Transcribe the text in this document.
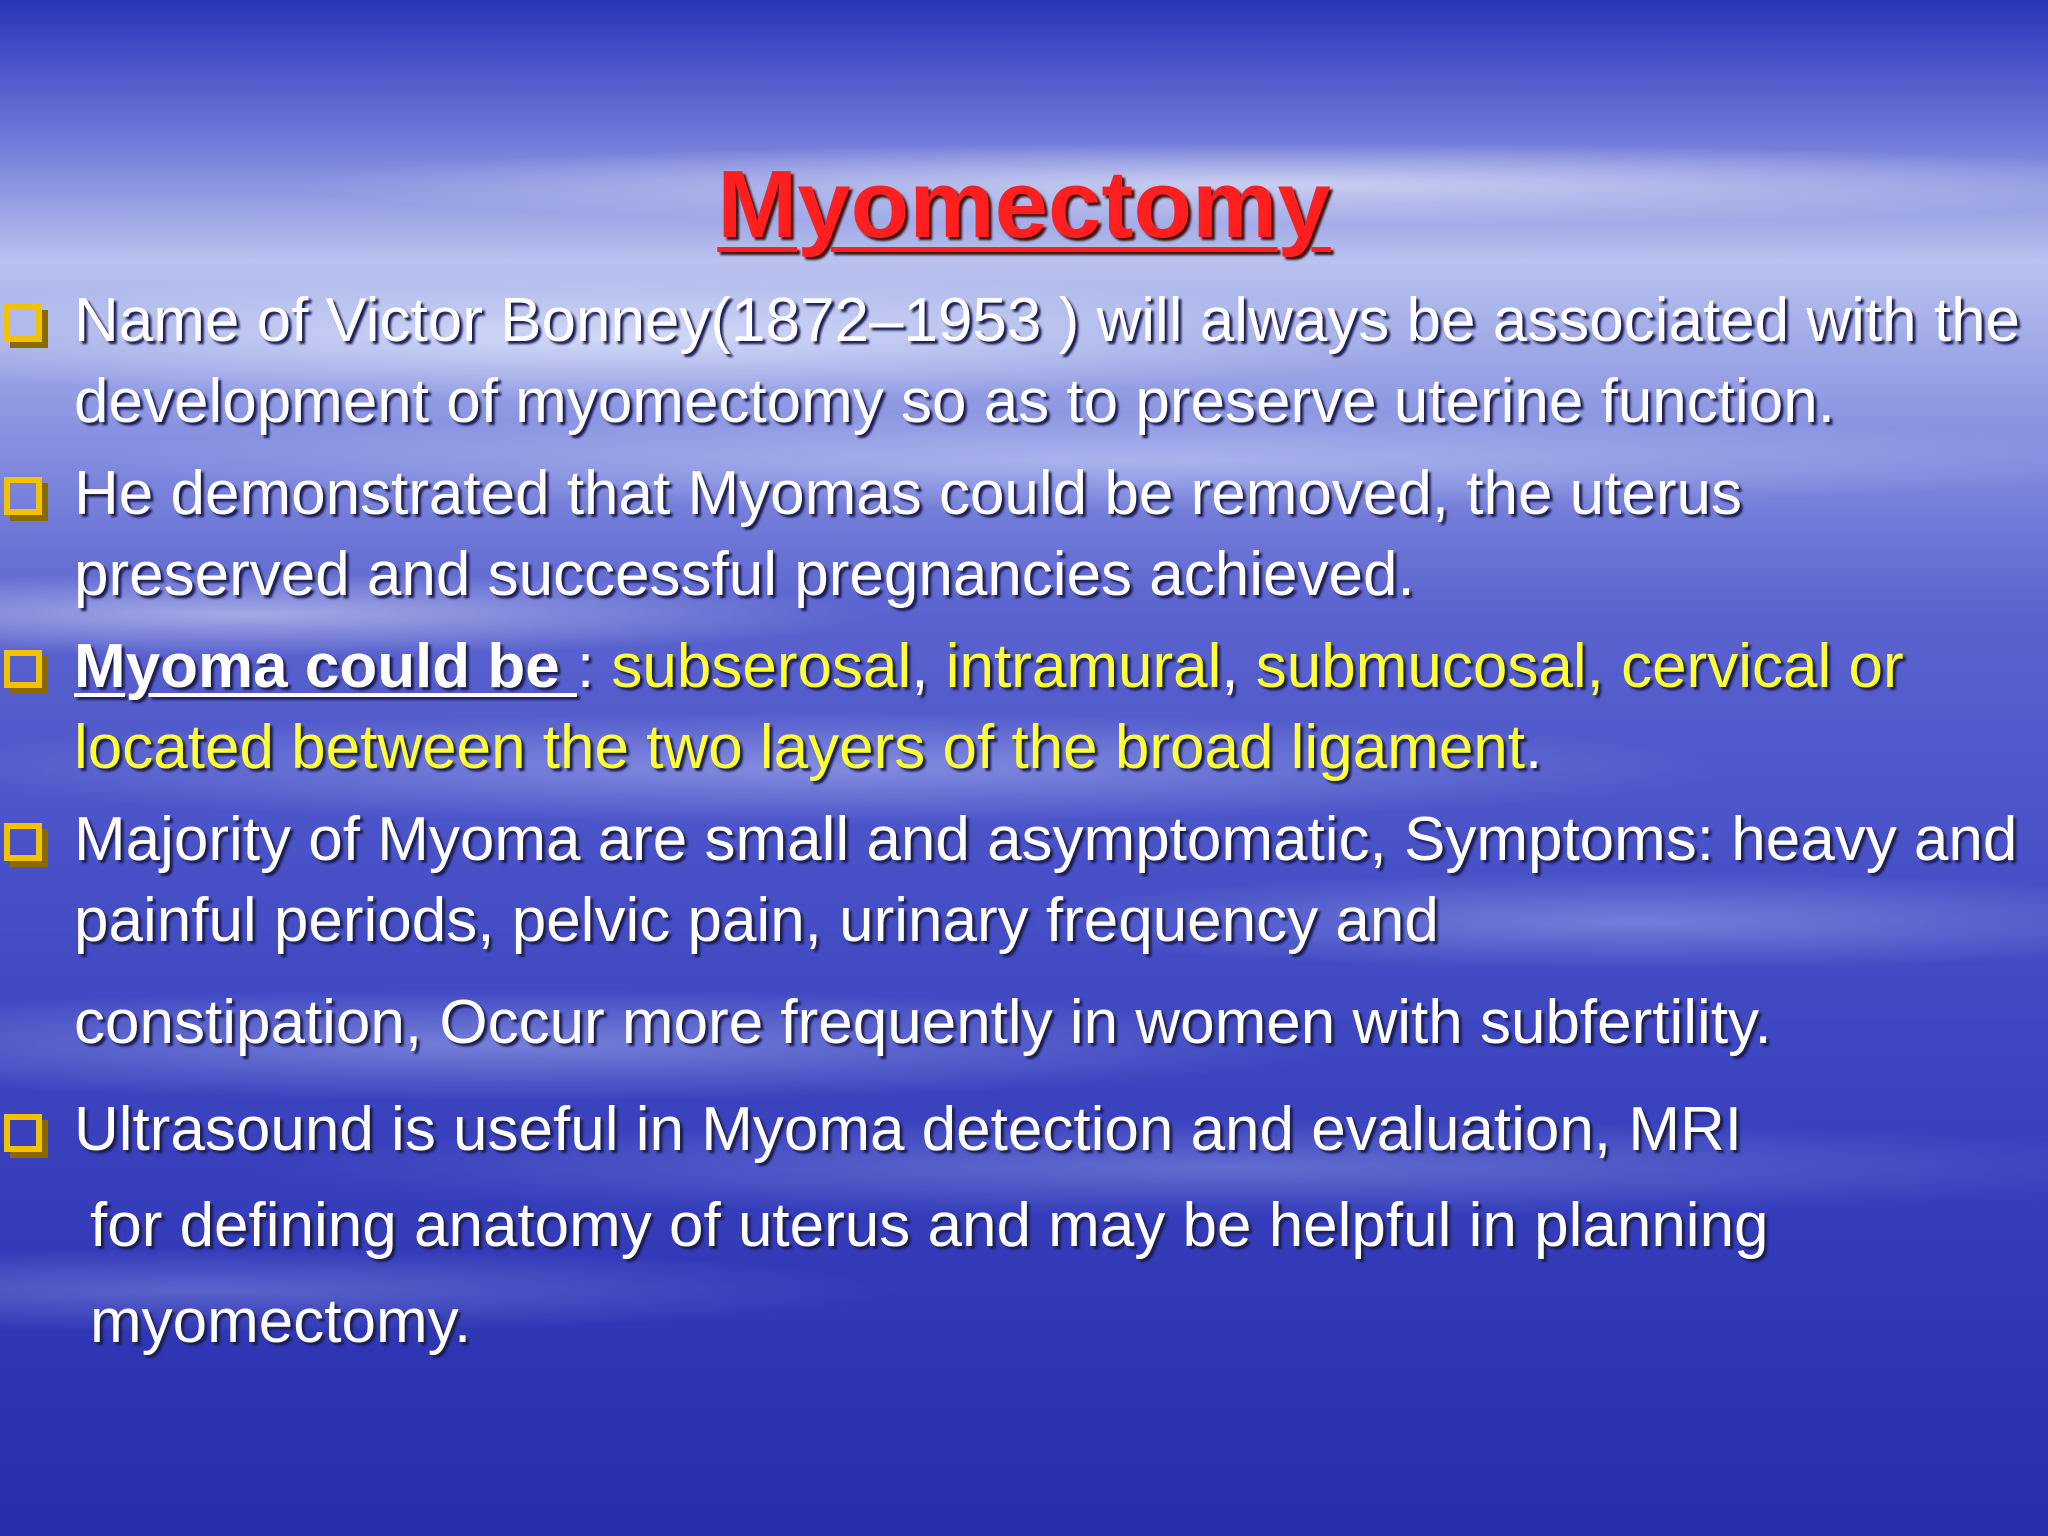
Myomectomy
Name of Victor Bonney(1872–1953 ) will always be associated with the development of myomectomy so as to preserve uterine function.
He demonstrated that Myomas could be removed, the uterus preserved and successful pregnancies achieved.
Myoma could be : subserosal, intramural, submucosal, cervical or located between the two layers of the broad ligament.
Majority of Myoma are small and asymptomatic, Symptoms: heavy and painful periods, pelvic pain, urinary frequency and
constipation, Occur more frequently in women with subfertility.
Ultrasound is useful in Myoma detection and evaluation, MRI
for defining anatomy of uterus and may be helpful in planning
myomectomy.
